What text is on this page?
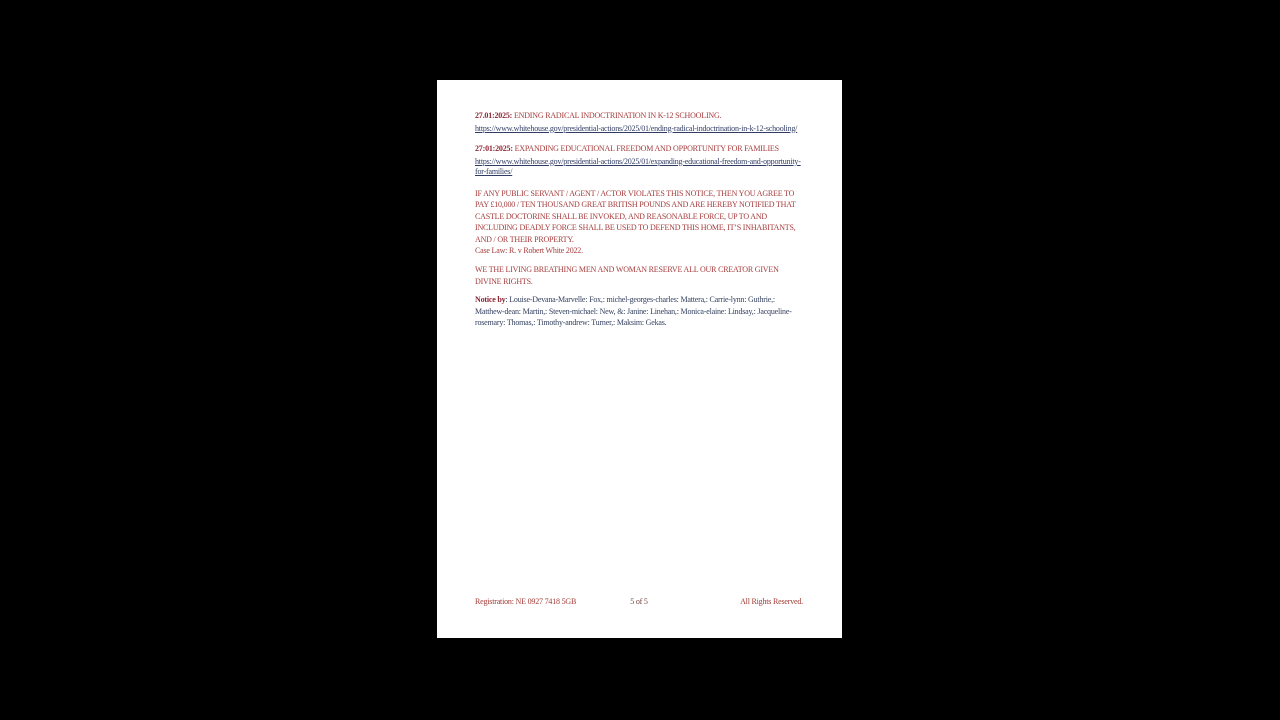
27.01:2025: ENDING RADICAL INDOCTRINATION IN K-12 SCHOOLING.

https://www.whitehouse.gov/presidential-actions/2025/01/ending-radical-indoctrination-in-k-12-schooling/

27:01:2025: EXPANDING EDUCATIONAL FREEDOM AND OPPORTUNITY FOR FAMILIES

https://www.whitehouse.gov/presidential-actions/2025/01/expanding-educational-freedom-and-opportunity-for-families/

IF ANY PUBLIC SERVANT / AGENT / ACTOR VIOLATES THIS NOTICE, THEN YOU AGREE TO PAY £10,000 / TEN THOUSAND GREAT BRITISH POUNDS AND ARE HEREBY NOTIFIED THAT CASTLE DOCTORINE SHALL BE INVOKED, AND REASONABLE FORCE, UP TO AND INCLUDING DEADLY FORCE SHALL BE USED TO DEFEND THIS HOME, IT’S INHABITANTS, AND / OR THEIR PROPERTY.

Case Law: R. v Robert White 2022.

WE THE LIVING BREATHING MEN AND WOMAN RESERVE ALL OUR CREATOR GIVEN DIVINE RIGHTS.

Notice by: Louise-Devana-Marvelle: Fox,: michel-georges-charles: Mattera,: Carrie-lynn: Guthrie,: Matthew-dean: Martin,: Steven-michael: New, &: Janine: Linehan,: Monica-elaine: Lindsay,: Jacqueline-rosemary: Thomas,: Timothy-andrew: Turner,: Maksim: Gekas.

Registration: NE 0927 7418 5GB	5 of 5	All Rights Reserved.
